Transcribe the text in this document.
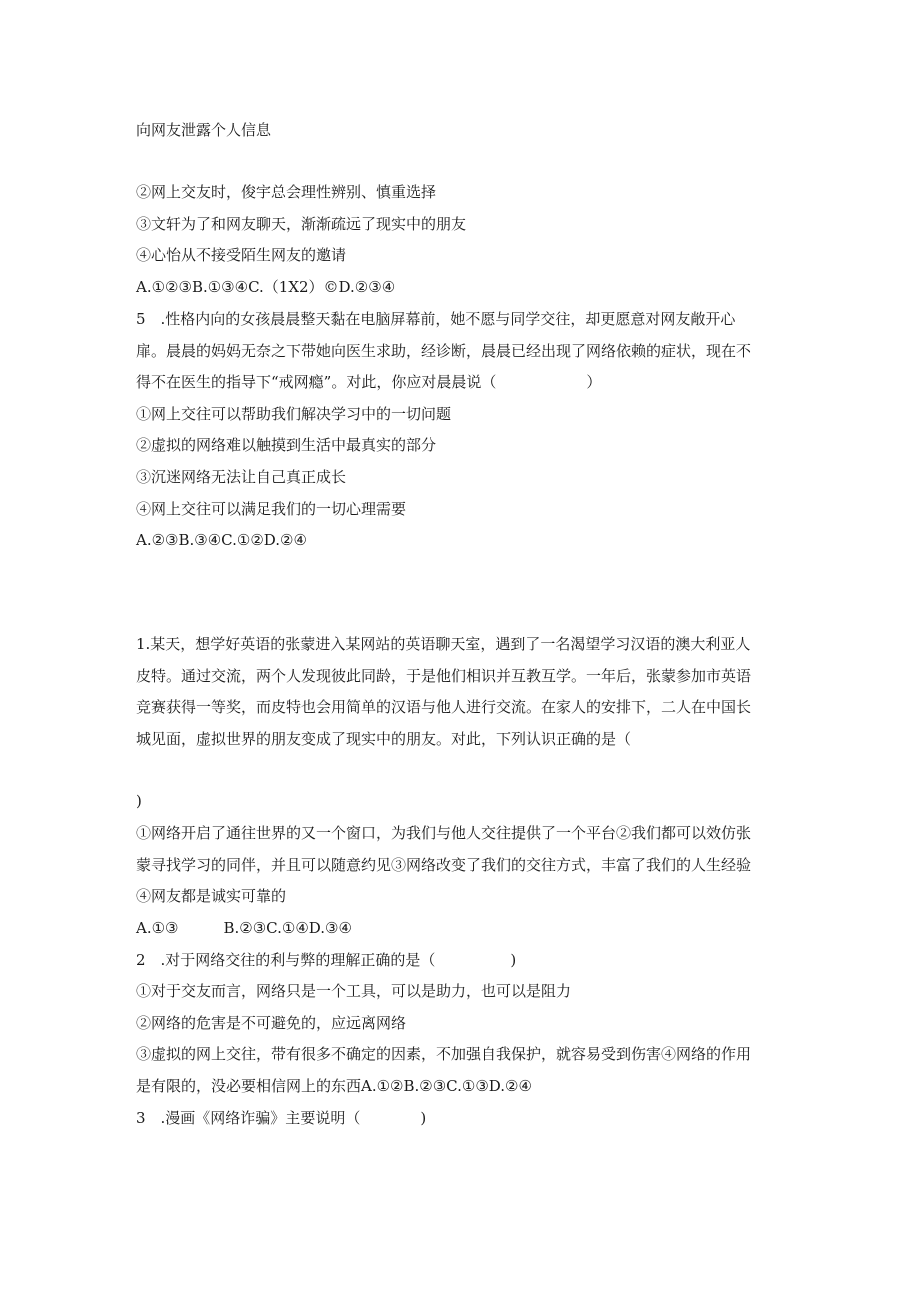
向网友泄露个人信息
②网上交友时，俊宇总会理性辨别、慎重选择
③文轩为了和网友聊天，渐渐疏远了现实中的朋友
④心怡从不接受陌生网友的邀请
A.①②③B.①③④C.（1X2）©D.②③④
5　.性格内向的女孩晨晨整天黏在电脑屏幕前，她不愿与同学交往，却更愿意对网友敞开心
扉。晨晨的妈妈无奈之下带她向医生求助，经诊断，晨晨已经出现了网络依赖的症状，现在不
得不在医生的指导下“戒网瘾”。对此，你应对晨晨说（　　　　　　）
①网上交往可以帮助我们解决学习中的一切问题
②虚拟的网络难以触摸到生活中最真实的部分
③沉迷网络无法让自己真正成长
④网上交往可以满足我们的一切心理需要
A.②③B.③④C.①②D.②④
1.某天，想学好英语的张蒙进入某网站的英语聊天室，遇到了一名渴望学习汉语的澳大利亚人
皮特。通过交流，两个人发现彼此同龄，于是他们相识并互教互学。一年后，张蒙参加市英语
竞赛获得一等奖，而皮特也会用简单的汉语与他人进行交流。在家人的安排下，二人在中国长
城见面，虚拟世界的朋友变成了现实中的朋友。对此，下列认识正确的是（
)
①网络开启了通往世界的又一个窗口，为我们与他人交往提供了一个平台②我们都可以效仿张
蒙寻找学习的同伴，并且可以随意约见③网络改变了我们的交往方式，丰富了我们的人生经验
④网友都是诚实可靠的
A.①③　　　B.②③C.①④D.③④
2　.对于网络交往的利与弊的理解正确的是（　　　　　)
①对于交友而言，网络只是一个工具，可以是助力，也可以是阻力
②网络的危害是不可避免的，应远离网络
③虚拟的网上交往，带有很多不确定的因素，不加强自我保护，就容易受到伤害④网络的作用
是有限的，没必要相信网上的东西A.①②B.②③C.①③D.②④
3　.漫画《网络诈骗》主要说明（　　　　)
